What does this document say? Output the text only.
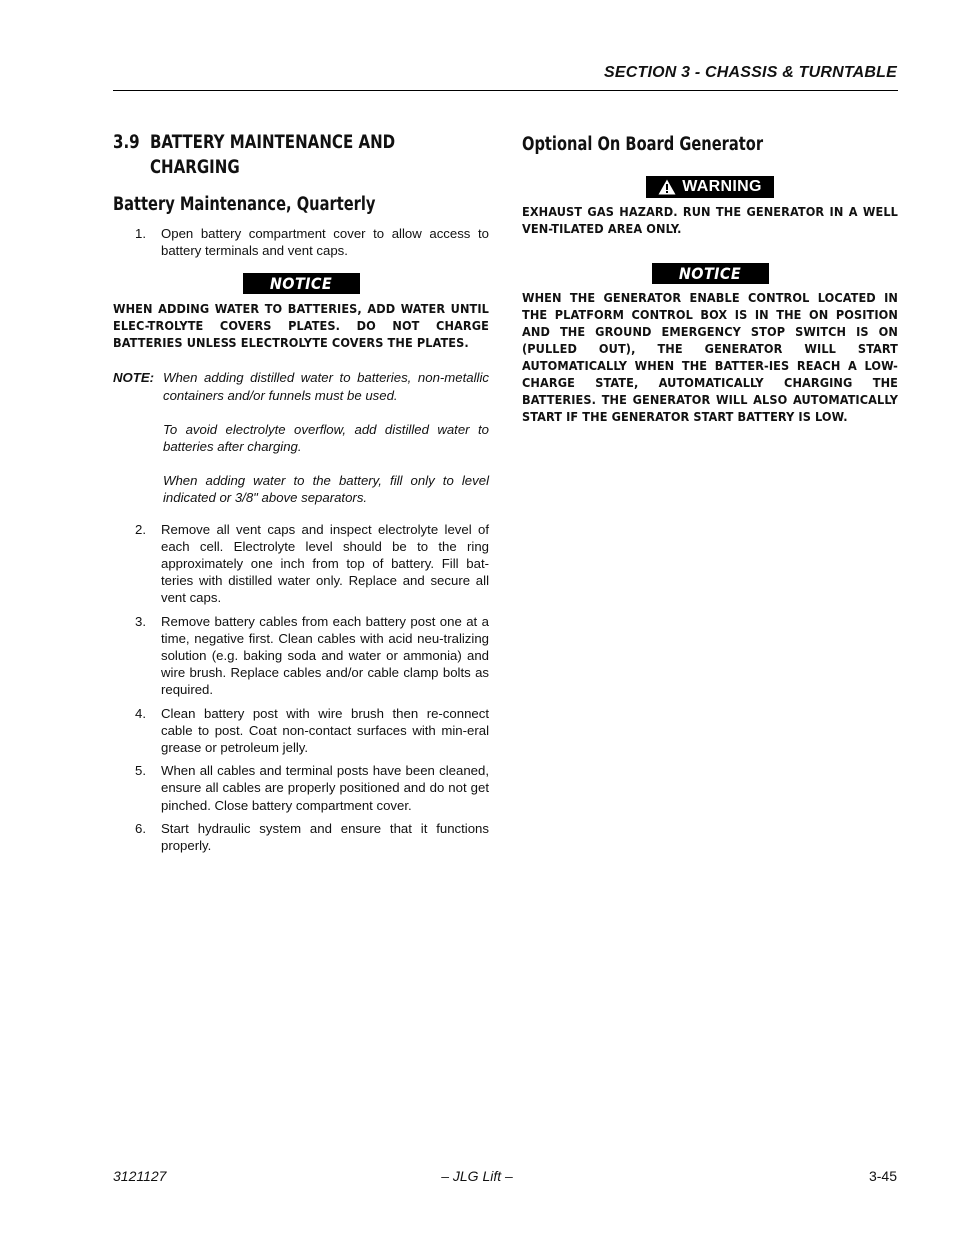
SECTION 3 - CHASSIS & TURNTABLE
3.9 BATTERY MAINTENANCE AND CHARGING
Battery Maintenance, Quarterly
1.	Open battery compartment cover to allow access to battery terminals and vent caps.
NOTICE
WHEN ADDING WATER TO BATTERIES, ADD WATER UNTIL ELEC-TROLYTE COVERS PLATES. DO NOT CHARGE BATTERIES UNLESS ELECTROLYTE COVERS THE PLATES.
NOTE: When adding distilled water to batteries, non-metallic containers and/or funnels must be used.

To avoid electrolyte overflow, add distilled water to batteries after charging.

When adding water to the battery, fill only to level indicated or 3/8" above separators.

2.	Remove all vent caps and inspect electrolyte level of each cell. Electrolyte level should be to the ring approximately one inch from top of battery. Fill bat-teries with distilled water only. Replace and secure all vent caps.
3.	Remove battery cables from each battery post one at a time, negative first. Clean cables with acid neu-tralizing solution (e.g. baking soda and water or ammonia) and wire brush. Replace cables and/or cable clamp bolts as required.
4.	Clean battery post with wire brush then re-connect cable to post. Coat non-contact surfaces with min-eral grease or petroleum jelly.
5.	When all cables and terminal posts have been cleaned, ensure all cables are properly positioned and do not get pinched. Close battery compartment cover.
6.	Start hydraulic system and ensure that it functions properly.
Optional On Board Generator
WARNING
EXHAUST GAS HAZARD. RUN THE GENERATOR IN A WELL VEN-TILATED AREA ONLY.
NOTICE
WHEN THE GENERATOR ENABLE CONTROL LOCATED IN THE PLATFORM CONTROL BOX IS IN THE ON POSITION AND THE GROUND EMERGENCY STOP SWITCH IS ON (PULLED OUT), THE GENERATOR WILL START AUTOMATICALLY WHEN THE BATTER-IES REACH A LOW-CHARGE STATE, AUTOMATICALLY CHARGING THE BATTERIES. THE GENERATOR WILL ALSO AUTOMATICALLY START IF THE GENERATOR START BATTERY IS LOW.
– JLG Lift –
3121127	3-45
